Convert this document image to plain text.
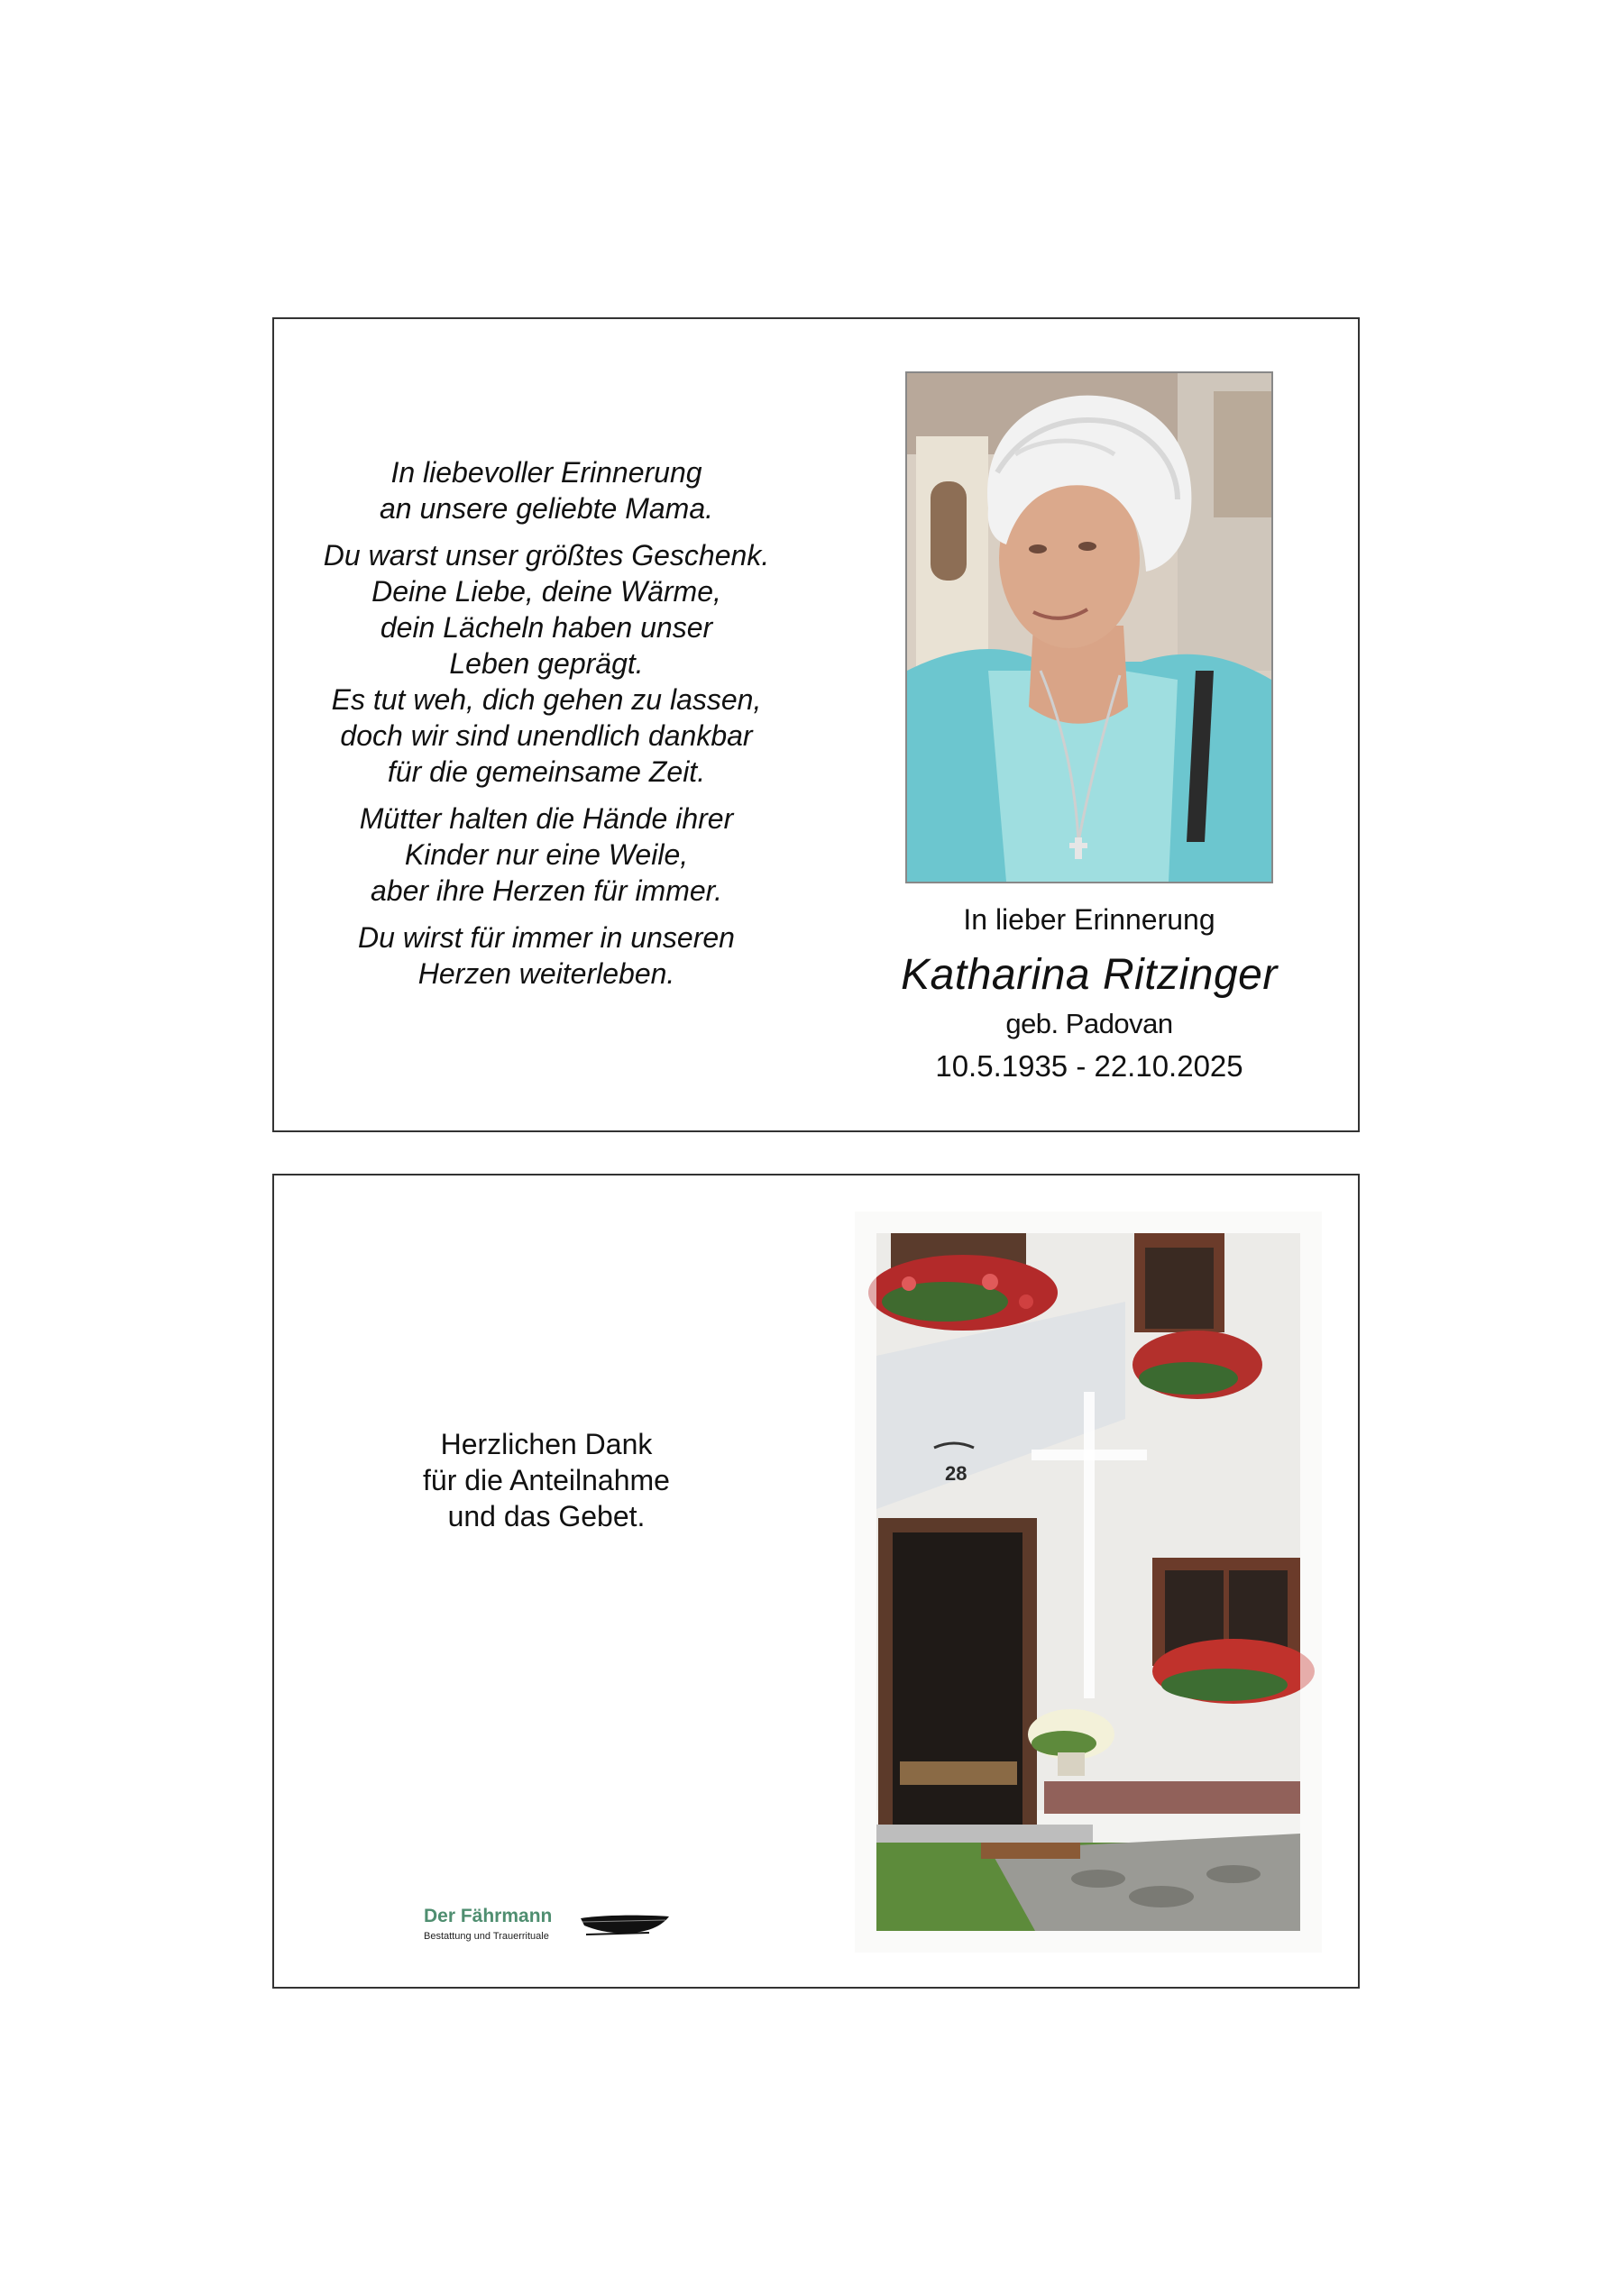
In liebevoller Erinnerung
an unsere geliebte Mama.

Du warst unser größtes Geschenk.
Deine Liebe, deine Wärme,
dein Lächeln haben unser
Leben geprägt.
Es tut weh, dich gehen zu lassen,
doch wir sind unendlich dankbar
für die gemeinsame Zeit.

Mütter halten die Hände ihrer
Kinder nur eine Weile,
aber ihre Herzen für immer.

Du wirst für immer in unseren
Herzen weiterleben.

In lieber Erinnerung
Katharina Ritzinger
geb. Padovan
10.5.1935 - 22.10.2025
Herzlichen Dank
für die Anteilnahme
und das Gebet.
28
Der Fährmann
Bestattung und Trauerrituale
